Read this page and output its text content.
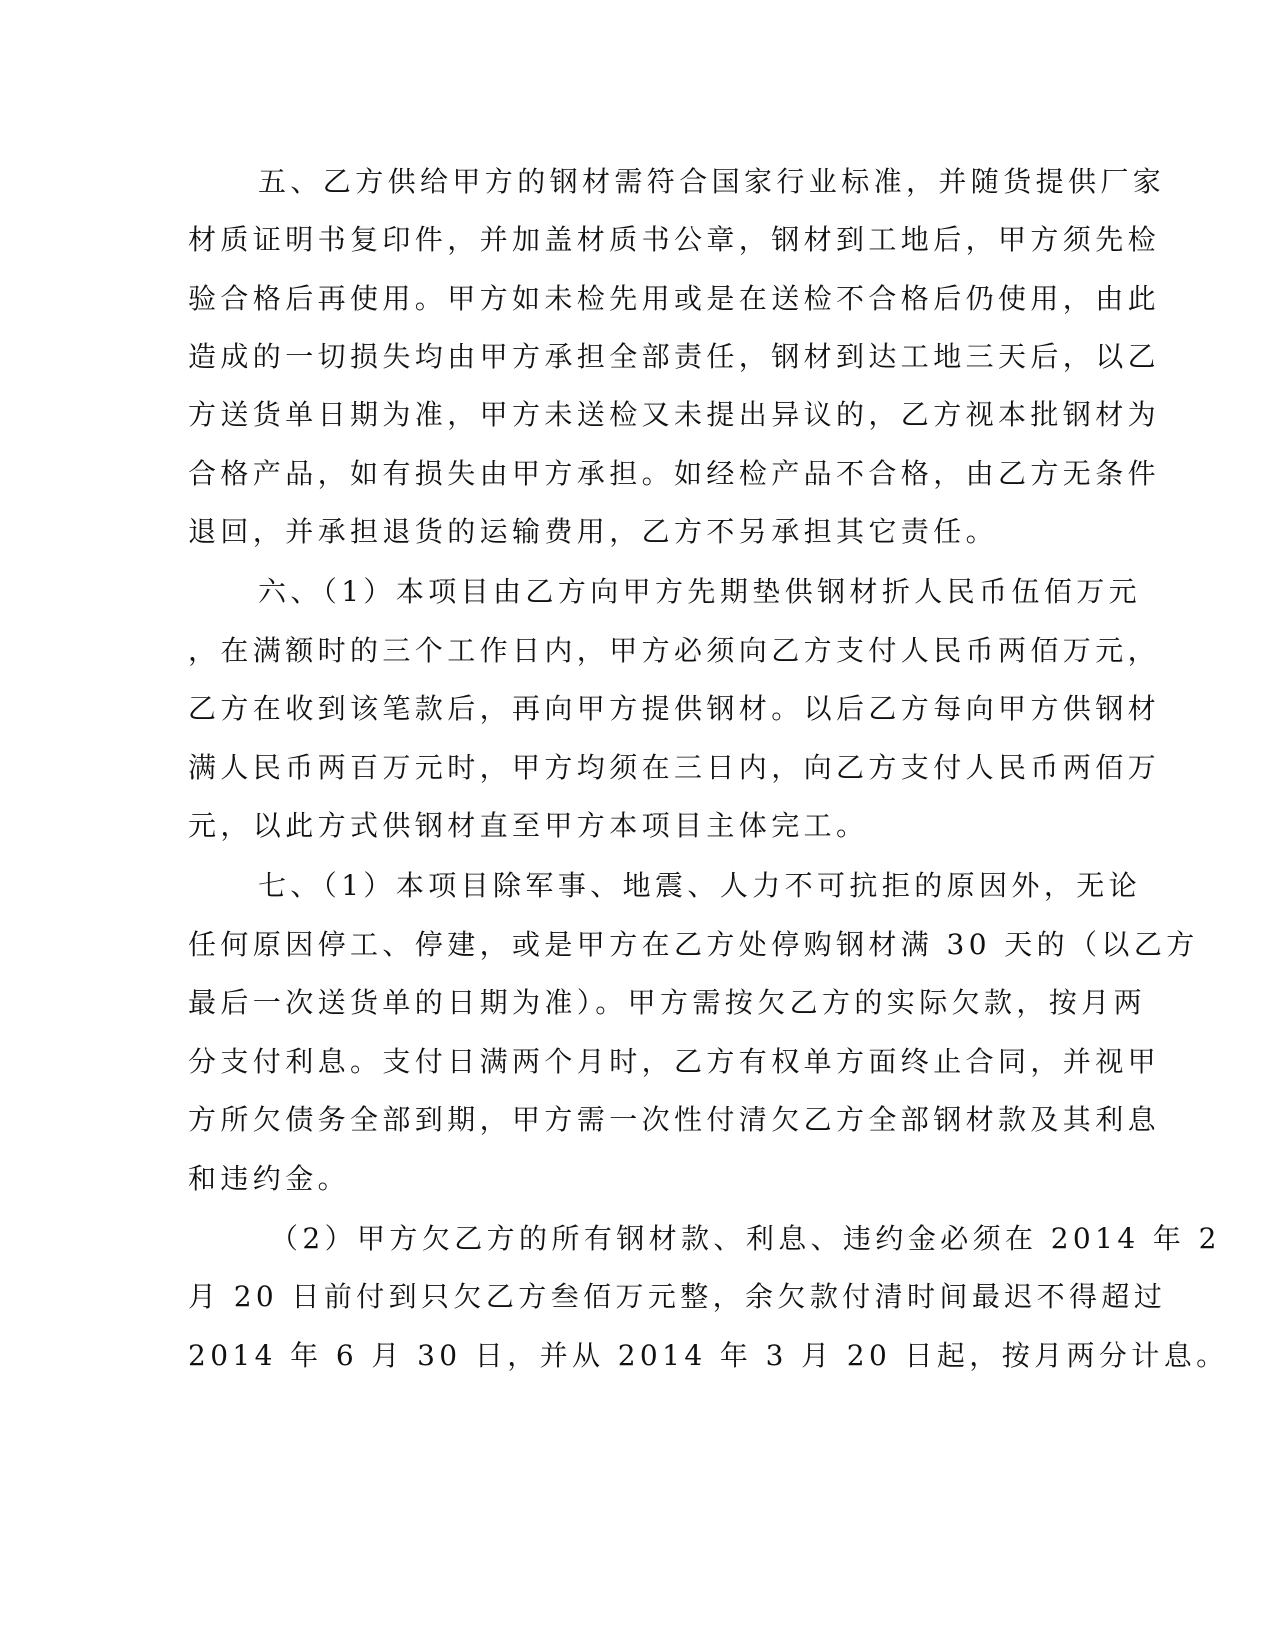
五、乙方供给甲方的钢材需符合国家行业标准，并随货提供厂家
材质证明书复印件，并加盖材质书公章，钢材到工地后，甲方须先检
验合格后再使用。甲方如未检先用或是在送检不合格后仍使用，由此
造成的一切损失均由甲方承担全部责任，钢材到达工地三天后，以乙
方送货单日期为准，甲方未送检又未提出异议的，乙方视本批钢材为
合格产品，如有损失由甲方承担。如经检产品不合格，由乙方无条件
退回，并承担退货的运输费用，乙方不另承担其它责任。
六、（1）本项目由乙方向甲方先期垫供钢材折人民币伍佰万元
，在满额时的三个工作日内，甲方必须向乙方支付人民币两佰万元，
乙方在收到该笔款后，再向甲方提供钢材。以后乙方每向甲方供钢材
满人民币两百万元时，甲方均须在三日内，向乙方支付人民币两佰万
元，以此方式供钢材直至甲方本项目主体完工。
七、（1）本项目除军事、地震、人力不可抗拒的原因外，无论
任何原因停工、停建，或是甲方在乙方处停购钢材满 30 天的（以乙方
最后一次送货单的日期为准）。甲方需按欠乙方的实际欠款，按月两
分支付利息。支付日满两个月时，乙方有权单方面终止合同，并视甲
方所欠债务全部到期，甲方需一次性付清欠乙方全部钢材款及其利息
和违约金。
（2）甲方欠乙方的所有钢材款、利息、违约金必须在 2014 年 2
月 20 日前付到只欠乙方叁佰万元整，余欠款付清时间最迟不得超过
2014 年 6 月 30 日，并从 2014 年 3 月 20 日起，按月两分计息。
